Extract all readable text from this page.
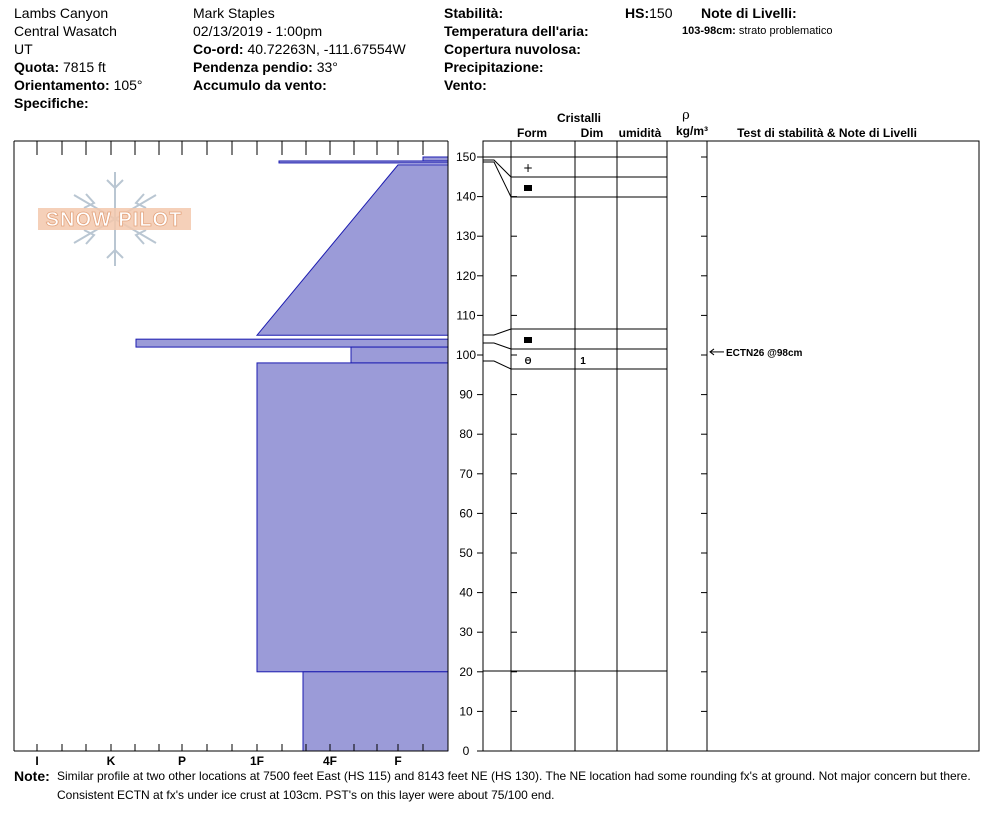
Lambs Canyon
Central Wasatch
UT
Quota: 7815 ft
Orientamento: 105°
Specifiche:
Mark Staples
02/13/2019 - 1:00pm
Co-ord: 40.72263N, -111.67554W
Pendenza pendio: 33°
Accumulo da vento:
Stabilità:
Temperatura dell'aria:
Copertura nuvolosa:
Precipitazione:
Vento:
HS:150 Note di Livelli:
103-98cm: strato problematico
SNOW PILOT
I	K	P	1F	4F	F
0
10
20
30
40
50
60
70
80
90
100
110
120
130
140
150
+
ɵ	1
ECTN26 @98cm
Cristalli
Form	Dim umidità
ρ
kg/m³ Test di stabilità & Note di Livelli
Note: Similar profile at two other locations at 7500 feet East (HS 115) and 8143 feet NE (HS 130). The NE location had some rounding fx's at ground. Not major concern but there. Consistent ECTN at fx's under ice crust at 103cm. PST's on this layer were about 75/100 end.
